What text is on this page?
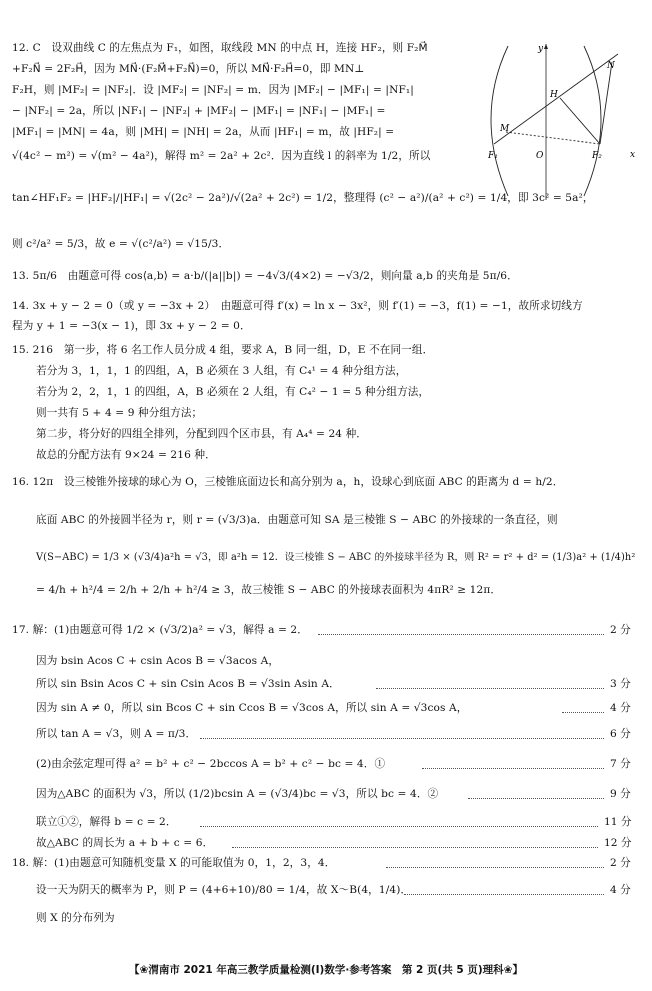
12. C　设双曲线 C 的左焦点为 F₁，如图，取线段 MN 的中点 H，连接 HF₂，则 F₂M⃗
+F₂N⃗ = 2F₂H⃗，因为 MN⃗·(F₂M⃗+F₂N⃗)=0，所以 MN⃗·F₂H⃗=0，即 MN⊥
F₂H，则 |MF₂| = |NF₂|．设 |MF₂| = |NF₂| = m．因为 |MF₂| − |MF₁| = |NF₁|
− |NF₂| = 2a，所以 |NF₁| − |NF₂| + |MF₂| − |MF₁| = |NF₁| − |MF₁| =
|MF₁| = |MN| = 4a，则 |MH| = |NH| = 2a，从而 |HF₁| = m，故 |HF₂| =
√(4c² − m²) = √(m² − 4a²)，解得 m² = 2a² + 2c²．因为直线 l 的斜率为 1/2，所以
tan∠HF₁F₂ = |HF₂|/|HF₁| = √(2c² − 2a²)/√(2a² + 2c²) = 1/2，整理得 (c² − a²)/(a² + c²) = 1/4，即 3c² = 5a²，
则 c²/a² = 5/3，故 e = √(c²/a²) = √15/3．
y
x
O
F₁	F₂
M
N
H
13. 5π/6　由题意可得 cos⟨a,b⟩ = a·b/(|a||b|) = −4√3/(4×2) = −√3/2，则向量 a,b 的夹角是 5π/6．
14. 3x + y − 2 = 0（或 y = −3x + 2）　由题意可得 f′(x) = ln x − 3x²，则 f′(1) = −3，f(1) = −1，故所求切线方
程为 y + 1 = −3(x − 1)，即 3x + y − 2 = 0．
15. 216　第一步，将 6 名工作人员分成 4 组，要求 A，B 同一组，D，E 不在同一组．
若分为 3，1，1，1 的四组，A，B 必须在 3 人组，有 C₄¹ = 4 种分组方法，
若分为 2，2，1，1 的四组，A，B 必须在 2 人组，有 C₄² − 1 = 5 种分组方法，
则一共有 5 + 4 = 9 种分组方法；
第二步，将分好的四组全排列，分配到四个区市县，有 A₄⁴ = 24 种．
故总的分配方法有 9×24 = 216 种．
16. 12π　设三棱锥外接球的球心为 O，三棱锥底面边长和高分别为 a，h，设球心到底面 ABC 的距离为 d = h/2．
底面 ABC 的外接圆半径为 r，则 r = (√3/3)a．由题意可知 SA 是三棱锥 S − ABC 的外接球的一条直径，则
V(S−ABC) = 1/3 × (√3/4)a²h = √3，即 a²h = 12．设三棱锥 S − ABC 的外接球半径为 R，则 R² = r² + d² = (1/3)a² + (1/4)h²
= 4/h + h²/4 = 2/h + 2/h + h²/4 ≥ 3，故三棱锥 S − ABC 的外接球表面积为 4πR² ≥ 12π．
17. 解：(1)由题意可得 1/2 × (√3/2)a² = √3，解得 a = 2．	2 分
因为 bsin Acos C + csin Acos B = √3acos A，
所以 sin Bsin Acos C + sin Csin Acos B = √3sin Asin A．	3 分
因为 sin A ≠ 0，所以 sin Bcos C + sin Ccos B = √3cos A，所以 sin A = √3cos A，	4 分
所以 tan A = √3，则 A = π/3．	6 分
(2)由余弦定理可得 a² = b² + c² − 2bccos A = b² + c² − bc = 4．①	7 分
因为△ABC 的面积为 √3，所以 (1/2)bcsin A = (√3/4)bc = √3，所以 bc = 4．②	9 分
联立①②，解得 b = c = 2．	11 分
故△ABC 的周长为 a + b + c = 6．	12 分
18. 解：(1)由题意可知随机变量 X 的可能取值为 0，1，2，3，4．	2 分
设一天为阴天的概率为 P，则 P = (4+6+10)/80 = 1/4，故 X～B(4，1/4)．	4 分
则 X 的分布列为
【❀渭南市 2021 年高三教学质量检测(Ⅰ)数学·参考答案　第 2 页(共 5 页)理科❀】
